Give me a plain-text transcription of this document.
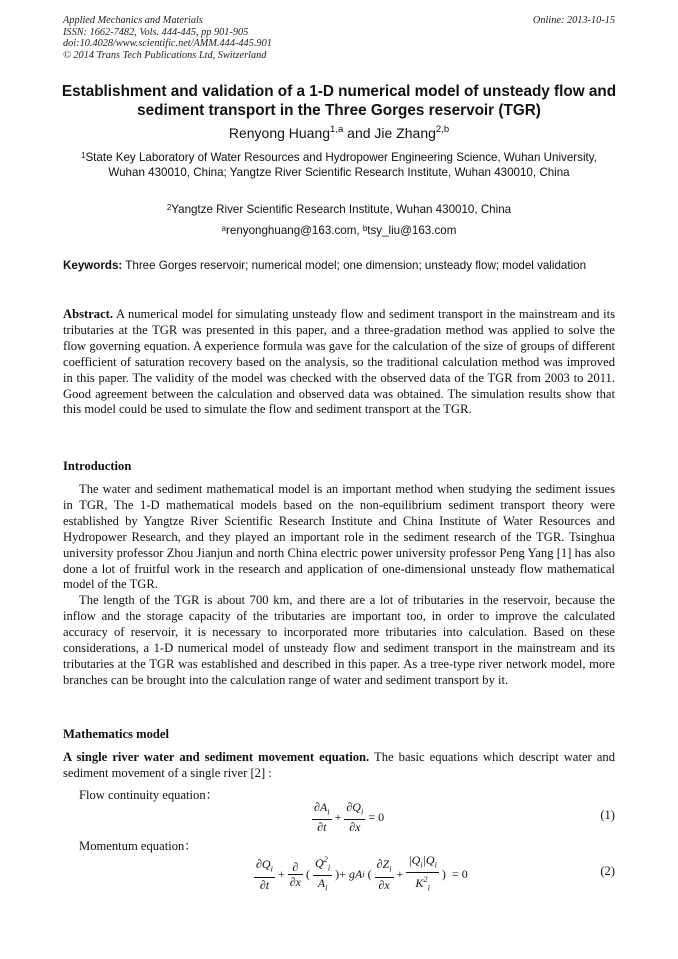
Applied Mechanics and Materials
ISSN: 1662-7482, Vols. 444-445, pp 901-905
doi:10.4028/www.scientific.net/AMM.444-445.901
© 2014 Trans Tech Publications Ltd, Switzerland
Online: 2013-10-15
Establishment and validation of a 1-D numerical model of unsteady flow and sediment transport in the Three Gorges reservoir (TGR)
Renyong Huang$^{1,a}$ and Jie Zhang$^{2,b}$
$^1$State Key Laboratory of Water Resources and Hydropower Engineering Science, Wuhan University, Wuhan 430010, China; Yangtze River Scientific Research Institute, Wuhan 430010, China
$^2$Yangtze River Scientific Research Institute, Wuhan 430010, China
$^a$renyonghuang@163.com, $^b$tsy_liu@163.com
Keywords: Three Gorges reservoir; numerical model; one dimension; unsteady flow; model validation
Abstract. A numerical model for simulating unsteady flow and sediment transport in the mainstream and its tributaries at the TGR was presented in this paper, and a three-gradation method was applied to solve the flow governing equation. A experience formula was gave for the calculation of the size of groups of different coefficient of saturation recovery based on the analysis, so the traditional calculation method was improved in this paper. The validity of the model was checked with the observed data of the TGR from 2003 to 2011. Good agreement between the calculation and observed data was obtained. The simulation results show that this model could be used to simulate the flow and sediment transport at the TGR.
Introduction

The water and sediment mathematical model is an important method when studying the sediment issues in TGR, The 1-D mathematical models based on the non-equilibrium sediment transport theory were established by Yangtze River Scientific Research Institute and China Institute of Water Resources and Hydropower Research, and they played an important role in the sediment research of the TGR. Tsinghua university professor Zhou Jianjun and north China electric power university professor Peng Yang [1] has also done a lot of fruitful work in the research and application of one-dimensional unsteady flow mathematical model of the TGR.

The length of the TGR is about 700 km, and there are a lot of tributaries in the reservoir, because the inflow and the storage capacity of the tributaries are important too, in order to improve the calculated accuracy of reservoir, it is necessary to incorporated more tributaries into calculation. Based on these considerations, a 1-D numerical model of unsteady flow and sediment transport in the mainstream and its tributaries at the TGR was established and described in this paper. As a tree-type river network model, more branches can be brought into the calculation range of water and sediment transport by it.

Mathematics model
A single river water and sediment movement equation. The basic equations which descript water and sediment movement of a single river [2] :
Flow continuity equation：
$\frac{\partial A_i}{\partial t} + \frac{\partial Q_i}{\partial x} = 0$	(1)
Momentum equation：
$\frac{\partial Q_i}{\partial t} + \frac{\partial}{\partial x}$ ( $\frac{Q^2_i}{A_i}$ )+ gAi ( $\frac{\partial Z_i}{\partial x} + \frac{|Q_i|Q_i}{K^2_i}$ ) = 0	(2)
